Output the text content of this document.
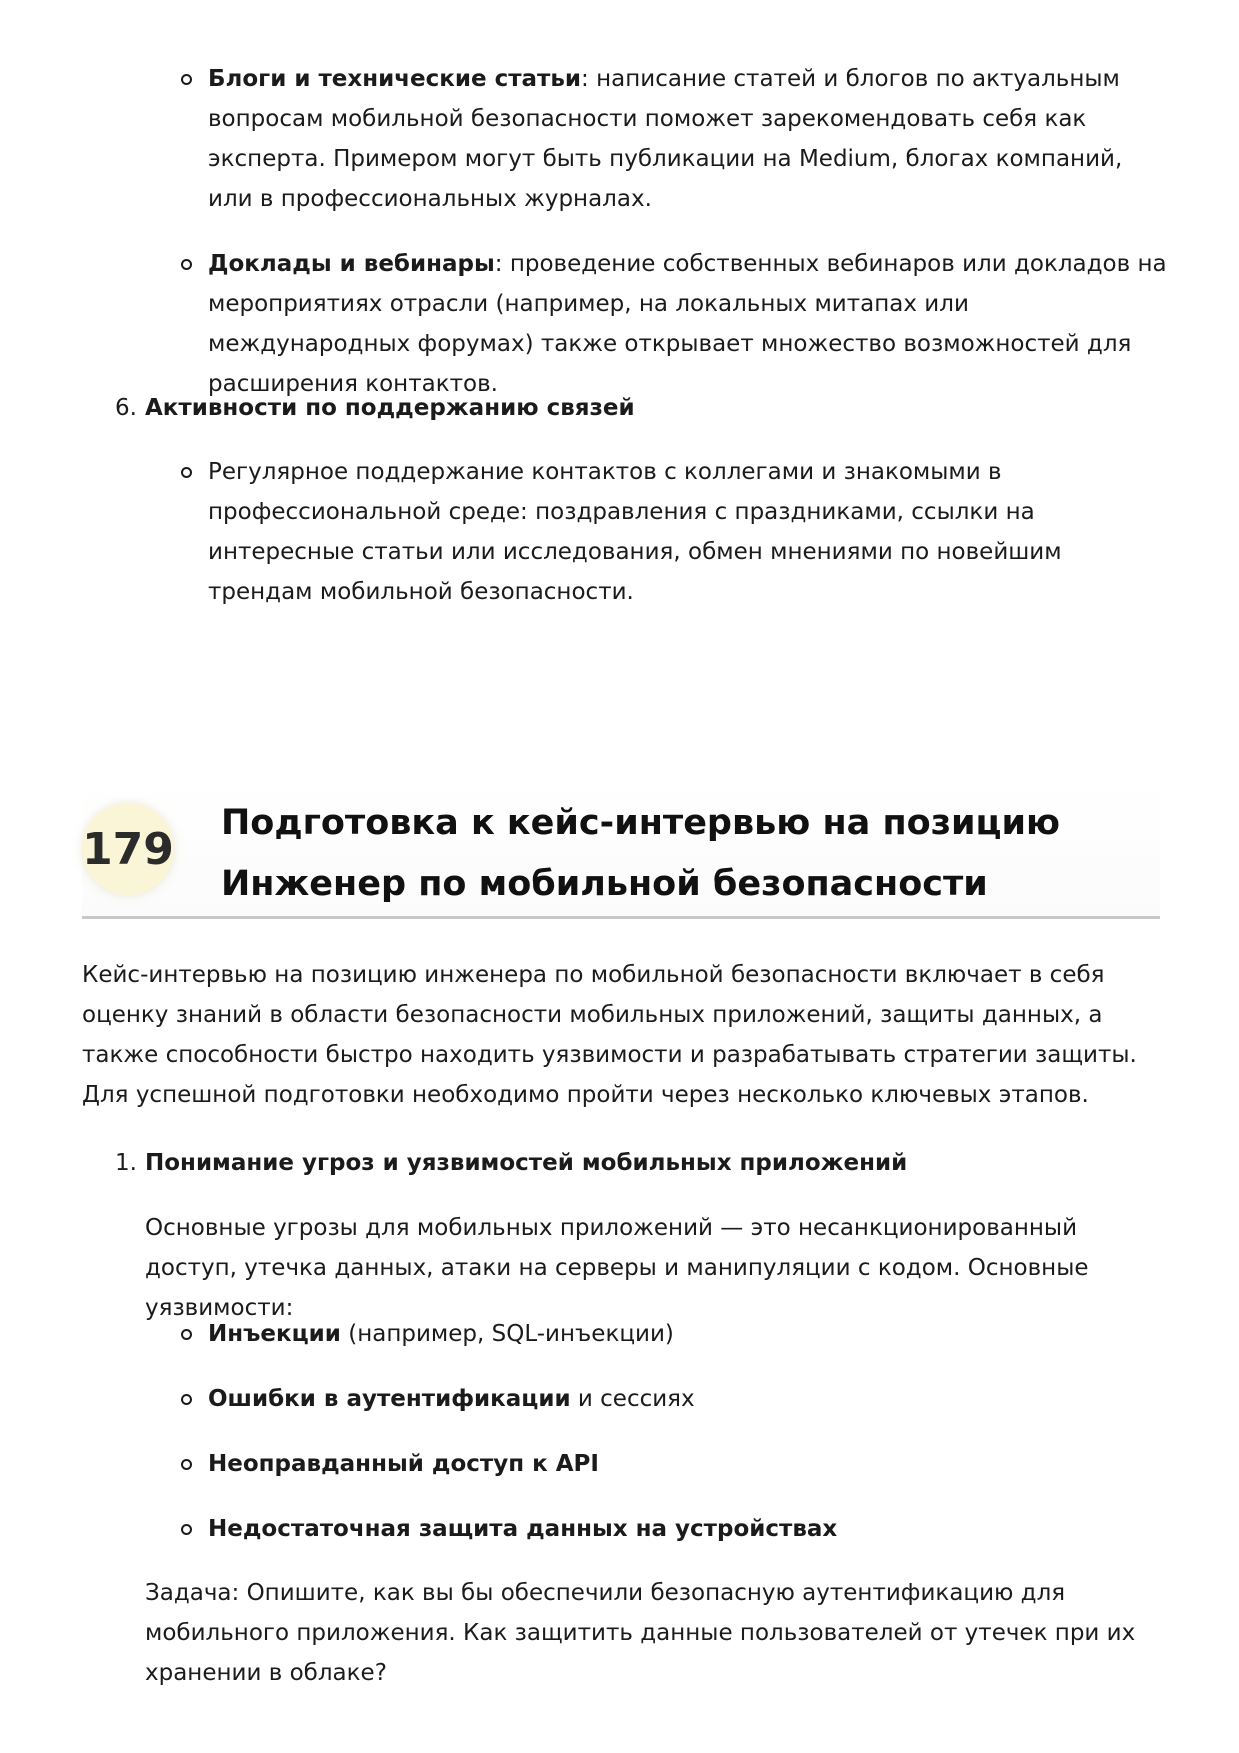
Блоги и технические статьи: написание статей и блогов по актуальным вопросам мобильной безопасности поможет зарекомендовать себя как эксперта. Примером могут быть публикации на Medium, блогах компаний, или в профессиональных журналах.
Доклады и вебинары: проведение собственных вебинаров или докладов на мероприятиях отрасли (например, на локальных митапах или международных форумах) также открывает множество возможностей для расширения контактов.
6. Активности по поддержанию связей
Регулярное поддержание контактов с коллегами и знакомыми в профессиональной среде: поздравления с праздниками, ссылки на интересные статьи или исследования, обмен мнениями по новейшим трендам мобильной безопасности.
179
Подготовка к кейс-интервью на позицию
Инженер по мобильной безопасности
Кейс-интервью на позицию инженера по мобильной безопасности включает в себя оценку знаний в области безопасности мобильных приложений, защиты данных, а также способности быстро находить уязвимости и разрабатывать стратегии защиты. Для успешной подготовки необходимо пройти через несколько ключевых этапов.
1. Понимание угроз и уязвимостей мобильных приложений
Основные угрозы для мобильных приложений — это несанкционированный доступ, утечка данных, атаки на серверы и манипуляции с кодом. Основные уязвимости:
Инъекции (например, SQL-инъекции)
Ошибки в аутентификации и сессиях
Неоправданный доступ к API
Недостаточная защита данных на устройствах
Задача: Опишите, как вы бы обеспечили безопасную аутентификацию для мобильного приложения. Как защитить данные пользователей от утечек при их хранении в облаке?
